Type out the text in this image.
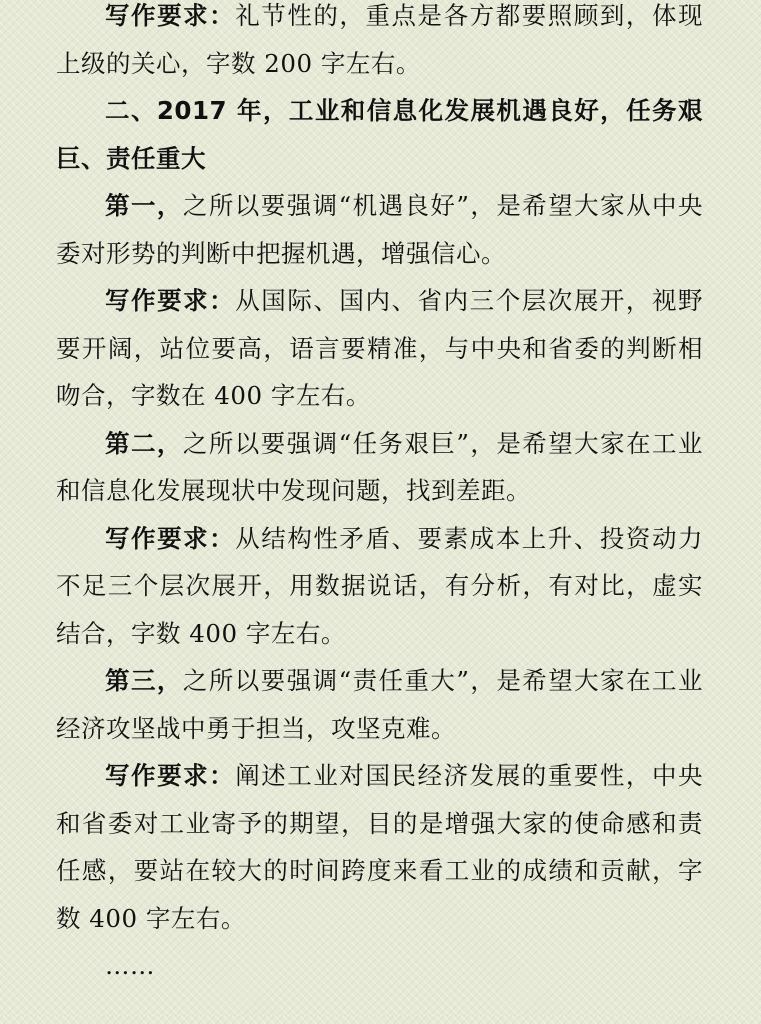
写作要求：礼节性的，重点是各方都要照顾到，体现上级的关心，字数 200 字左右。

二、2017 年，工业和信息化发展机遇良好，任务艰巨、责任重大

第一，之所以要强调“机遇良好”，是希望大家从中央委对形势的判断中把握机遇，增强信心。

写作要求：从国际、国内、省内三个层次展开，视野要开阔，站位要高，语言要精准，与中央和省委的判断相吻合，字数在 400 字左右。

第二，之所以要强调“任务艰巨”，是希望大家在工业和信息化发展现状中发现问题，找到差距。

写作要求：从结构性矛盾、要素成本上升、投资动力不足三个层次展开，用数据说话，有分析，有对比，虚实结合，字数 400 字左右。

第三，之所以要强调“责任重大”，是希望大家在工业经济攻坚战中勇于担当，攻坚克难。

写作要求：阐述工业对国民经济发展的重要性，中央和省委对工业寄予的期望，目的是增强大家的使命感和责任感，要站在较大的时间跨度来看工业的成绩和贡献，字数 400 字左右。

……
